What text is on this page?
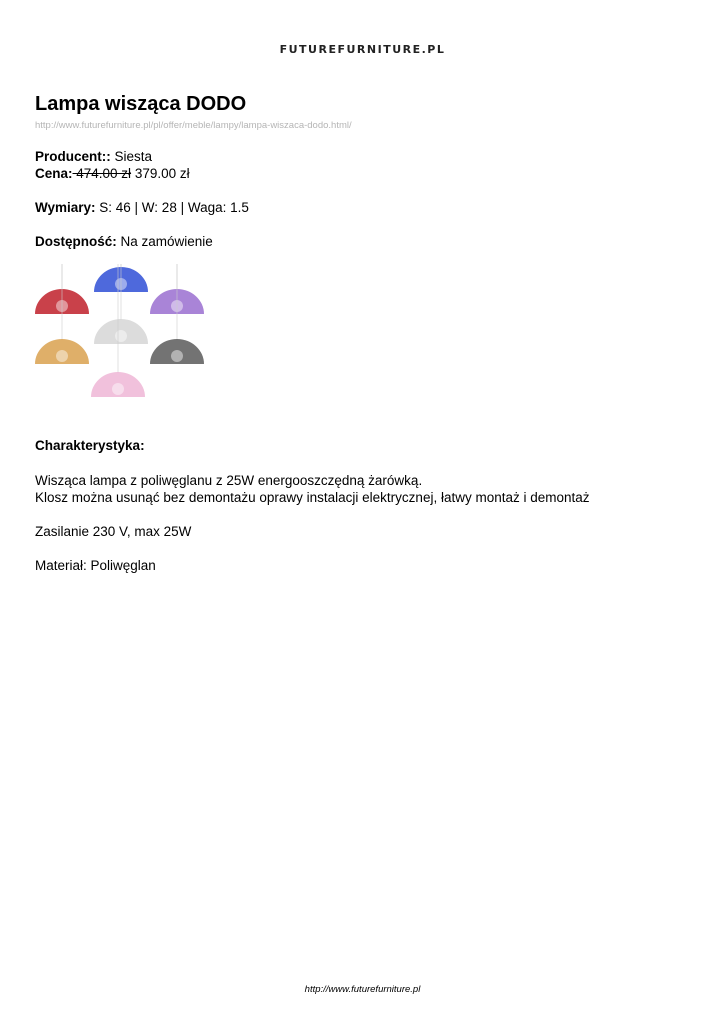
FUTUREFURNITURE.PL
Lampa wisząca DODO
http://www.futurefurniture.pl/pl/offer/meble/lampy/lampa-wiszaca-dodo.html/
Producent:: Siesta
Cena: 474.00 zł 379.00 zł
Wymiary: S: 46 | W: 28 | Waga: 1.5
Dostępność: Na zamówienie
Charakterystyka:
Wisząca lampa z poliwęglanu z 25W energooszczędną żarówką.
Klosz można usunąć bez demontażu oprawy instalacji elektrycznej, łatwy montaż i demontaż
Zasilanie 230 V, max 25W
Materiał: Poliwęglan
http://www.futurefurniture.pl
